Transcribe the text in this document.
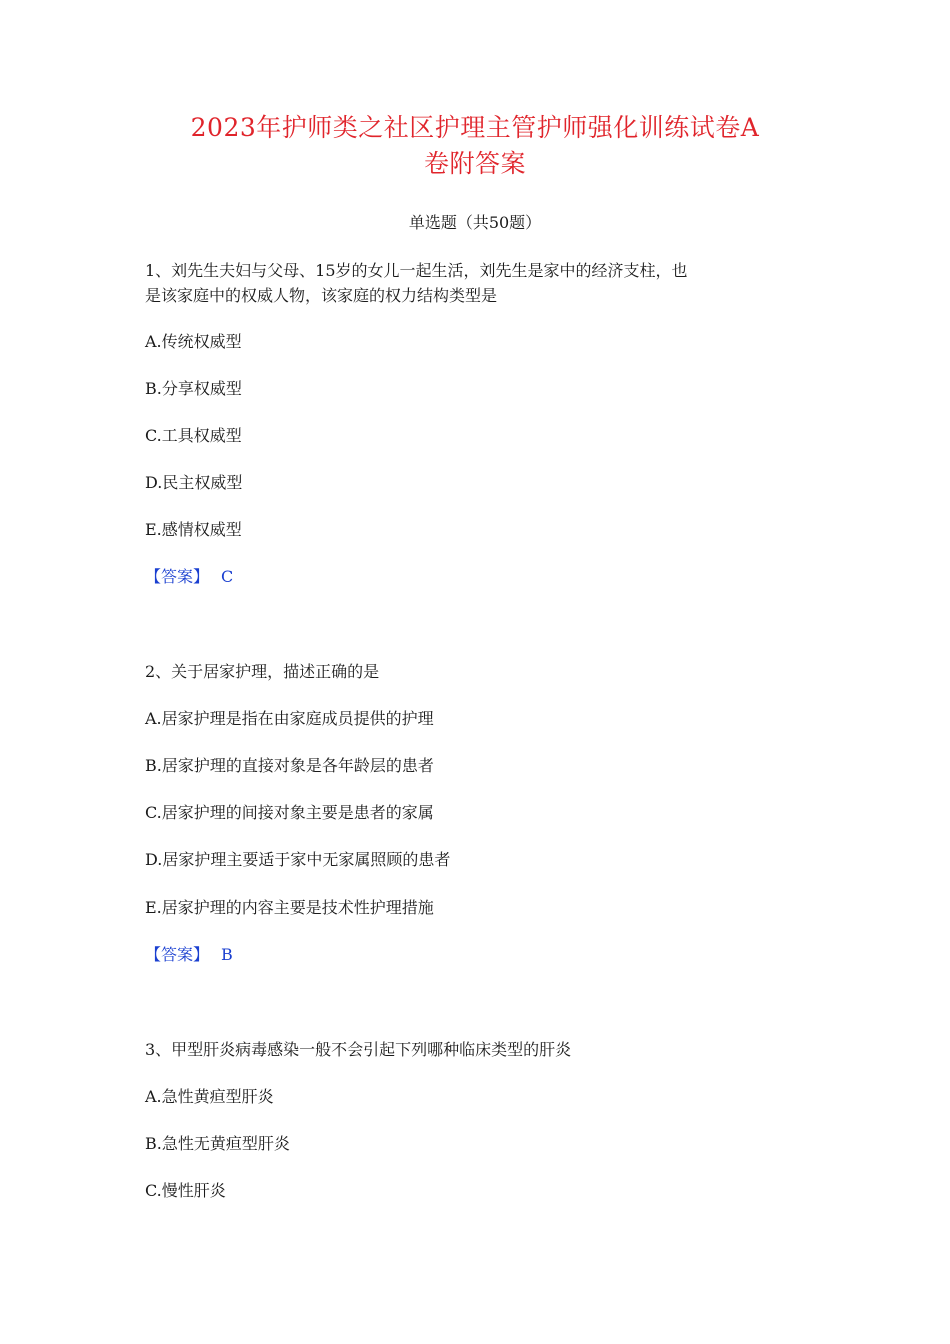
2023年护师类之社区护理主管护师强化训练试卷A
卷附答案
单选题（共50题）
1、刘先生夫妇与父母、15岁的女儿一起生活，刘先生是家中的经济支柱，也
是该家庭中的权威人物，该家庭的权力结构类型是
A.传统权威型
B.分享权威型
C.工具权威型
D.民主权威型
E.感情权威型
【答案】 C
2、关于居家护理，描述正确的是
A.居家护理是指在由家庭成员提供的护理
B.居家护理的直接对象是各年龄层的患者
C.居家护理的间接对象主要是患者的家属
D.居家护理主要适于家中无家属照顾的患者
E.居家护理的内容主要是技术性护理措施
【答案】 B
3、甲型肝炎病毒感染一般不会引起下列哪种临床类型的肝炎
A.急性黄疸型肝炎
B.急性无黄疸型肝炎
C.慢性肝炎
